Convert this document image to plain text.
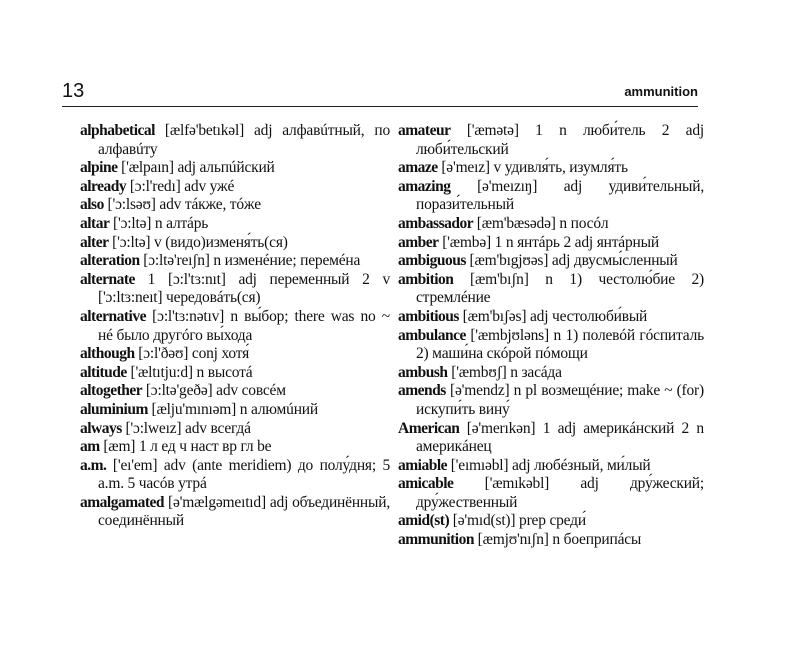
13	ammunition
alphabetical [ælfə'betıkəl] adj алфавúтный, по алфавúту
alpine ['ælpaın] adj альпúйский
already [ɔ:l'redı] adv ужé
also ['ɔ:lsəʊ] adv тáкже, тóже
altar ['ɔ:ltə] n алтáрь
alter ['ɔ:ltə] v (видо)изменя́ть(ся)
alteration [ɔ:ltə'reıʃn] n изменéние; перемéна
alternate 1 [ɔ:l'tɜ:nıt] adj переменный 2 v ['ɔ:ltɜ:neıt] чередовáть(ся)
alternative [ɔ:l'tɜ:nətıv] n вы́бор; there was no ~ нé было другóго вы́хода
although [ɔ:l'ðəʊ] conj хотя́
altitude ['æltıtju:d] n высотá
altogether [ɔ:ltə'geðə] adv совсéм
aluminium [ælju'mınıəm] n алюмúний
always ['ɔ:lweız] adv всегдá
am [æm] 1 л ед ч наст вр гл be
a.m. ['eı'em] adv (ante meridiem) до полу́дня; 5 a.m. 5 часóв утрá
amalgamated [ə'mælgəmeıtıd] adj объединённый, соединённый
amateur ['æmətə] 1 n люби́тель 2 adj люби́тельский
amaze [ə'meız] v удивля́ть, изумля́ть
amazing [ə'meızıŋ] adj удиви́тельный, порази́тельный
ambassador [æm'bæsədə] n посóл
amber ['æmbə] 1 n янтáрь 2 adj янтáрный
ambiguous [æm'bıgjʊəs] adj двусмы́сленный
ambition [æm'bıʃn] n 1) честолю́бие 2) стремлéние
ambitious [æm'bıʃəs] adj честолюби́вый
ambulance ['æmbjʊləns] n 1) полевóй гóспиталь 2) маши́на скóрой пóмощи
ambush ['æmbʊʃ] n засáда
amends [ə'mendz] n pl возмещéние; make ~ (for) искупи́ть вину́
American [ə'merıkən] 1 adj америкáнский 2 n америкáнец
amiable ['eımıəbl] adj любéзный, ми́лый
amicable ['æmıkəbl] adj дру́жеский; дру́жественный
amid(st) [ə'mıd(st)] prep среди́
ammunition [æmjʊ'nıʃn] n боеприпáсы
